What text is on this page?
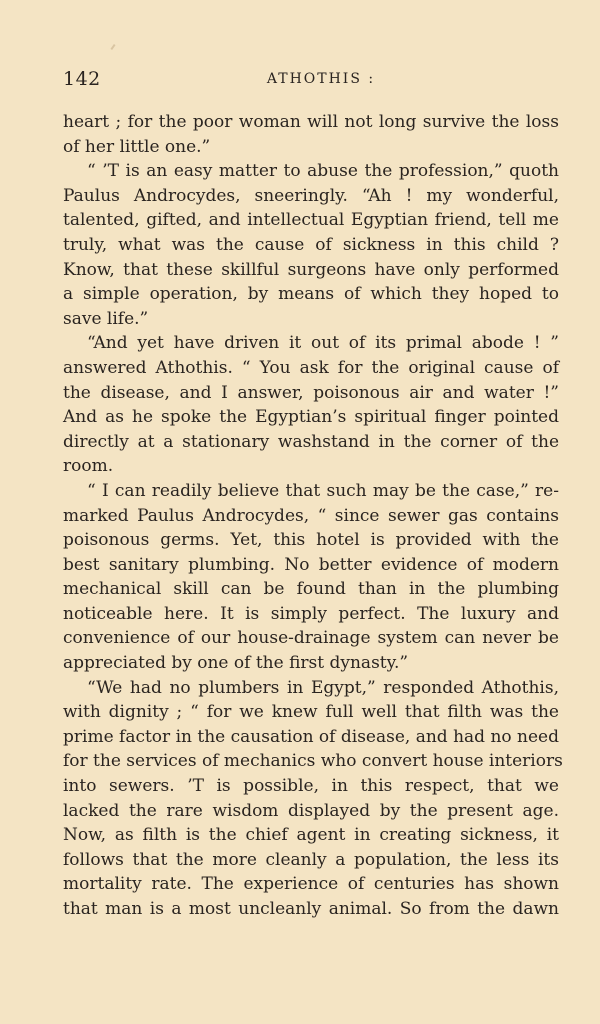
142	ATHOTHIS :
heart ; for the poor woman will not long survive the loss
of her little one.”
“ ’T is an easy matter to abuse the profession,” quoth
Paulus Androcydes, sneeringly. “Ah ! my wonderful,
talented, gifted, and intellectual Egyptian friend, tell me
truly, what was the cause of sickness in this child ?
Know, that these skillful surgeons have only performed
a simple operation, by means of which they hoped to
save life.”
“And yet have driven it out of its primal abode ! ”
answered Athothis. “ You ask for the original cause of
the disease, and I answer, poisonous air and water !”
And as he spoke the Egyptian’s spiritual finger pointed
directly at a stationary washstand in the corner of the
room.
“ I can readily believe that such may be the case,” re-
marked Paulus Androcydes, “ since sewer gas contains
poisonous germs. Yet, this hotel is provided with the
best sanitary plumbing. No better evidence of modern
mechanical skill can be found than in the plumbing
noticeable here. It is simply perfect. The luxury and
convenience of our house-drainage system can never be
appreciated by one of the first dynasty.”
“We had no plumbers in Egypt,” responded Athothis,
with dignity ; “ for we knew full well that filth was the
prime factor in the causation of disease, and had no need
for the services of mechanics who convert house interiors
into sewers. ’T is possible, in this respect, that we
lacked the rare wisdom displayed by the present age.
Now, as filth is the chief agent in creating sickness, it
follows that the more cleanly a population, the less its
mortality rate. The experience of centuries has shown
that man is a most uncleanly animal. So from the dawn
